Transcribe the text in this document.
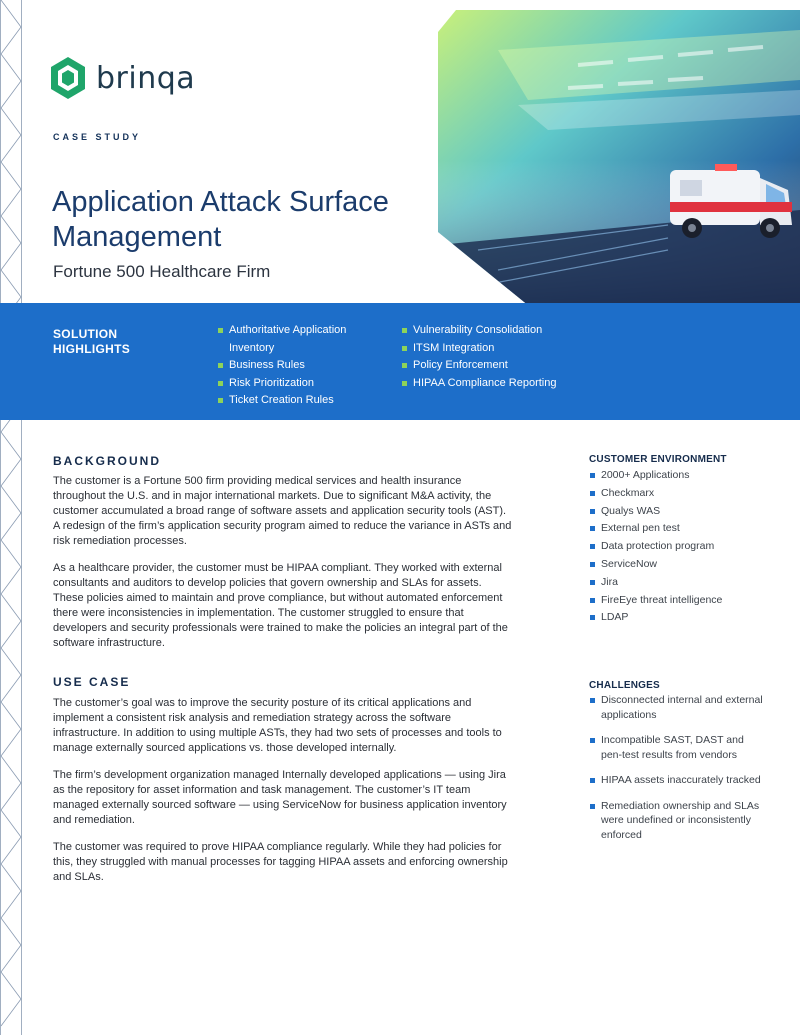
brinqa
CASE STUDY
Application Attack Surface Management
Fortune 500 Healthcare Firm
SOLUTION
HIGHLIGHTS
Authoritative Application Inventory
Business Rules
Risk Prioritization
Ticket Creation Rules
Vulnerability Consolidation
ITSM Integration
Policy Enforcement
HIPAA Compliance Reporting
BACKGROUND

The customer is a Fortune 500 firm providing medical services and health insurance throughout the U.S. and in major international markets. Due to significant M&A activity, the customer accumulated a broad range of software assets and application security tools (AST). A redesign of the firm’s application security program aimed to reduce the variance in ASTs and risk remediation processes.

As a healthcare provider, the customer must be HIPAA compliant. They worked with external consultants and auditors to develop policies that govern ownership and SLAs for assets. These policies aimed to maintain and prove compliance, but without automated enforcement there were inconsistencies in implementation. The customer struggled to ensure that developers and security professionals were trained to make the policies an integral part of the software infrastructure.

USE CASE

The customer’s goal was to improve the security posture of its critical applications and implement a consistent risk analysis and remediation strategy across the software infrastructure. In addition to using multiple ASTs, they had two sets of processes and tools to manage externally sourced applications vs. those developed internally.

The firm’s development organization managed Internally developed applications — using Jira as the repository for asset information and task management. The customer’s IT team managed externally sourced software — using ServiceNow for business application inventory and remediation.

The customer was required to prove HIPAA compliance regularly. While they had policies for this, they struggled with manual processes for tagging HIPAA assets and enforcing ownership and SLAs.

CUSTOMER ENVIRONMENT
2000+ Applications
Checkmarx
Qualys WAS
External pen test
Data protection program
ServiceNow
Jira
FireEye threat intelligence
LDAP
CHALLENGES
Disconnected internal and external applications
Incompatible SAST, DAST and pen-test results from vendors
HIPAA assets inaccurately tracked
Remediation ownership and SLAs were undefined or inconsistently enforced
